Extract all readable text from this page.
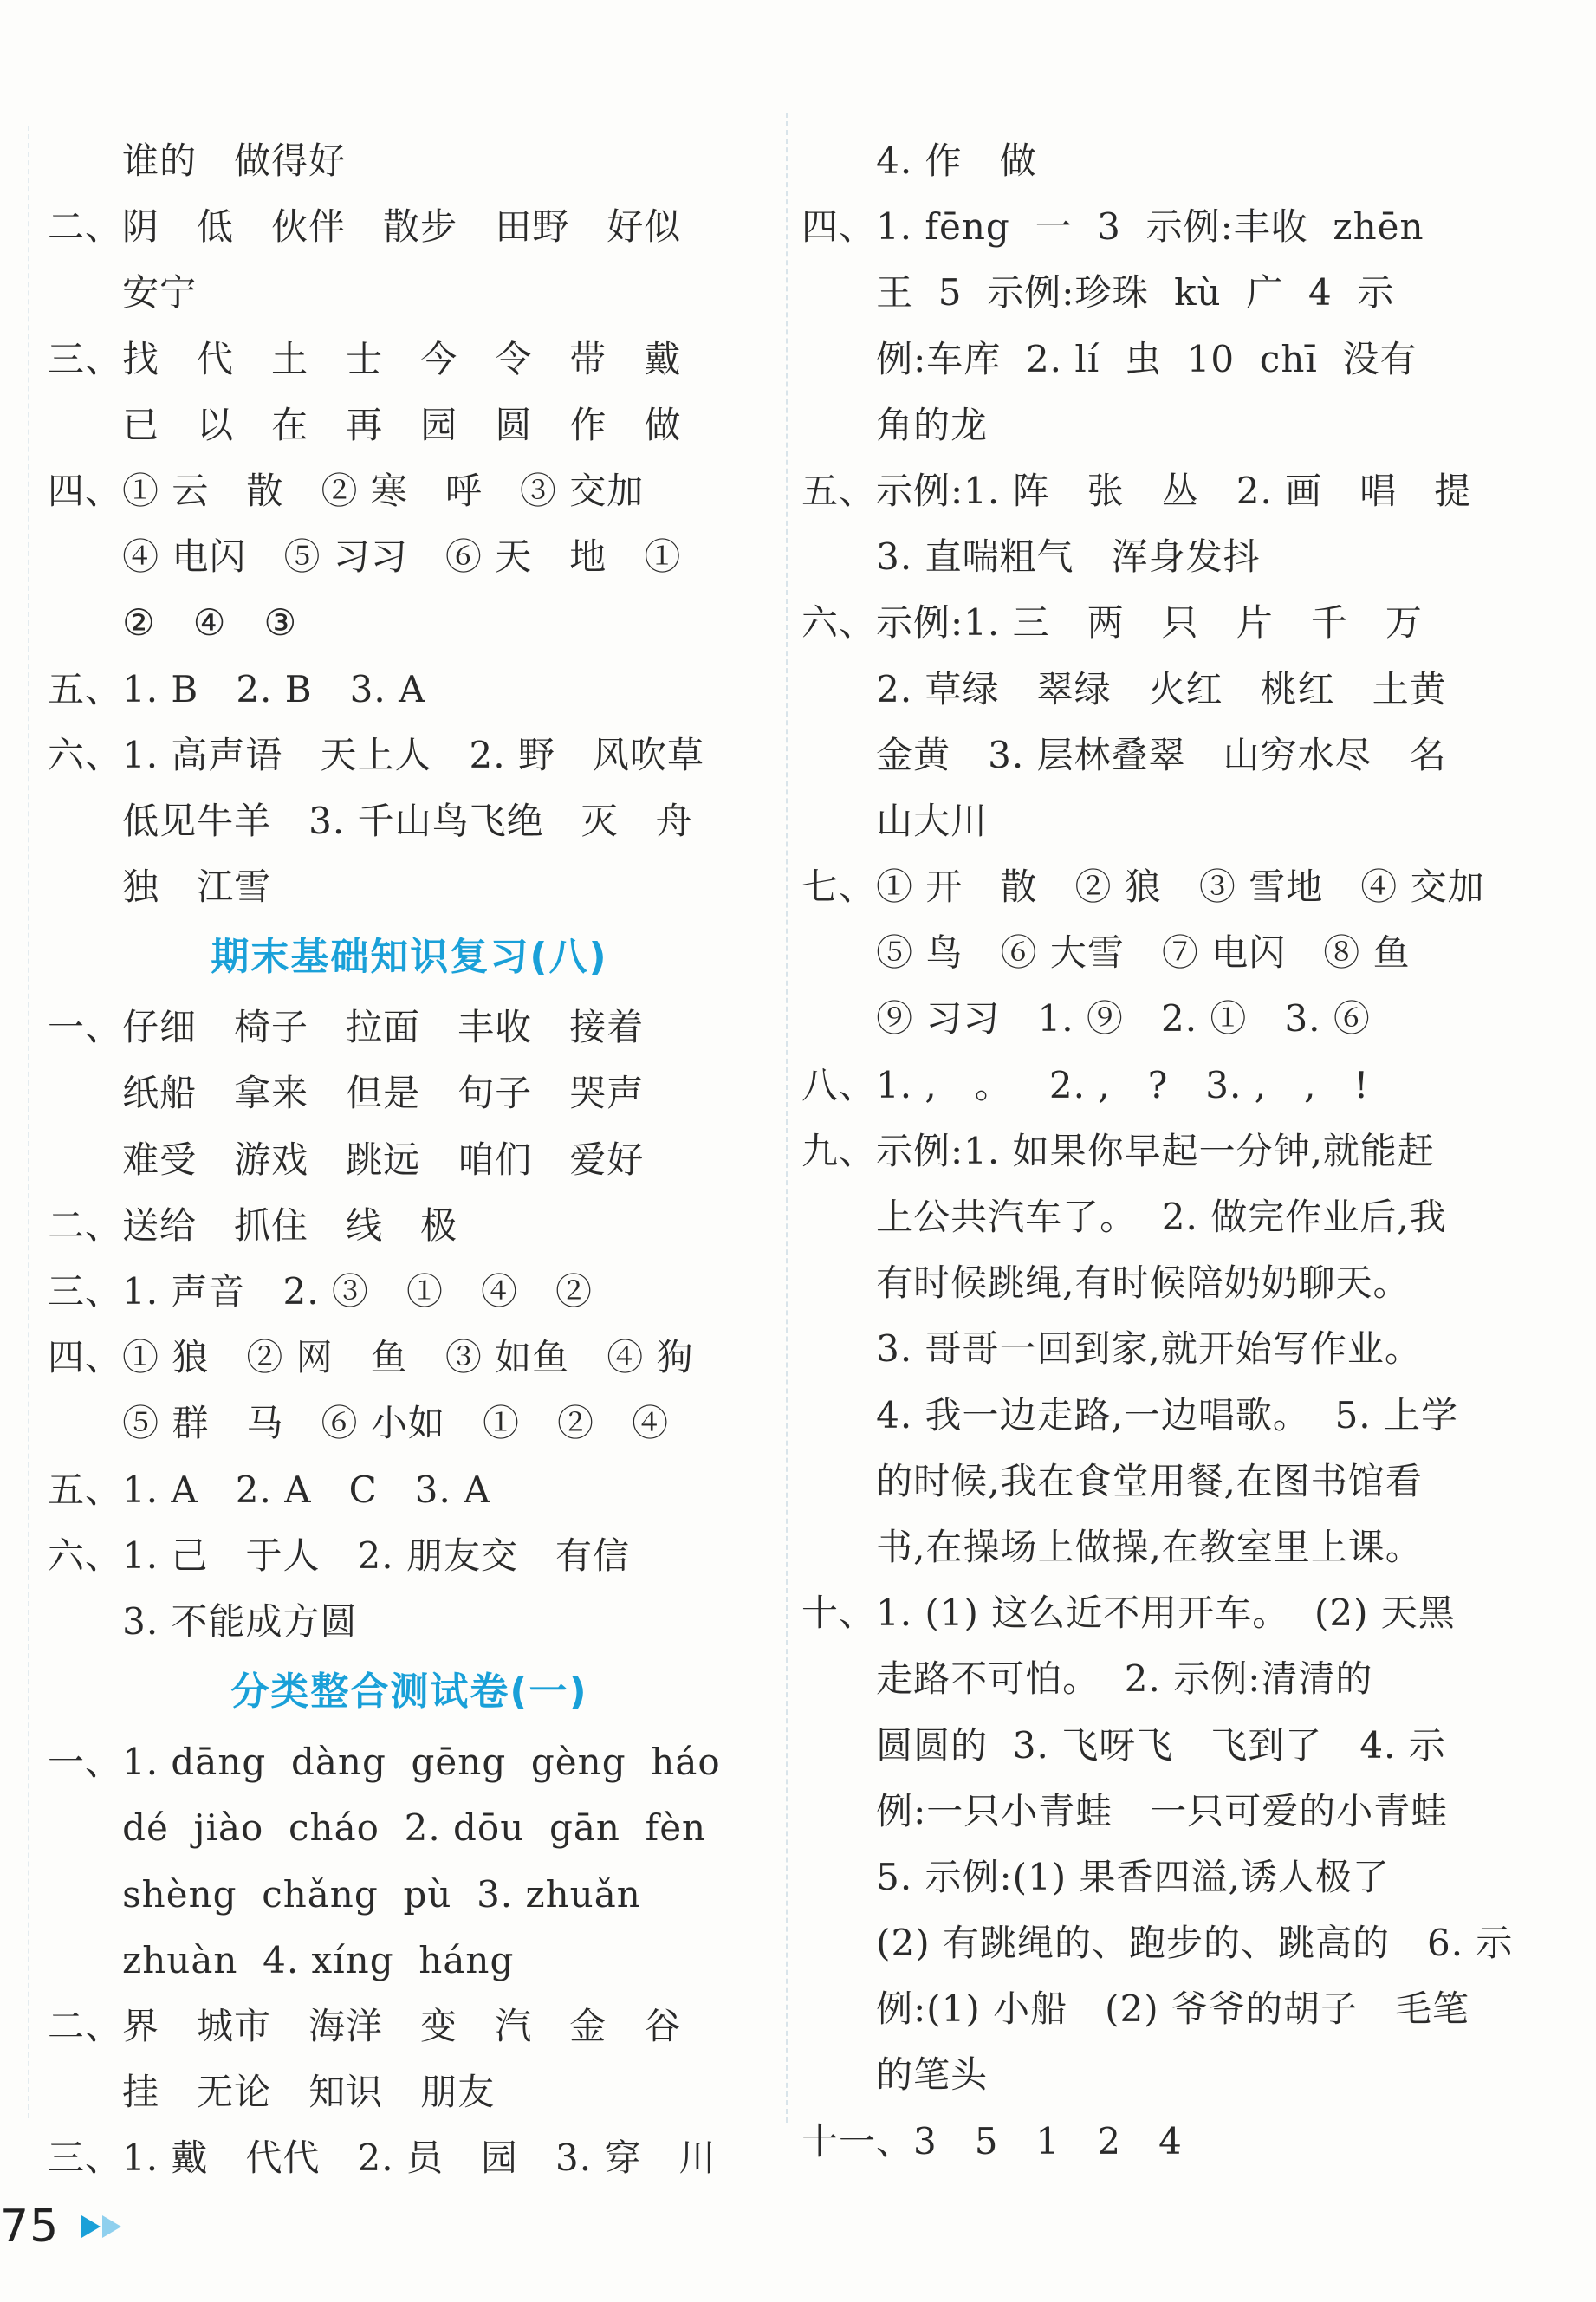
谁的   做得好
二、阴   低   伙伴   散步   田野   好似
安宁
三、找   代   土   士   今   令   带   戴
已   以   在   再   园   圆   作   做
四、① 云   散   ② 寒   呼   ③ 交加
④ 电闪   ⑤ 习习   ⑥ 天   地   ①
②   ④   ③
五、1. B   2. B   3. A
六、1. 高声语   天上人   2. 野   风吹草
低见牛羊   3. 千山鸟飞绝   灭   舟
独   江雪
期末基础知识复习(八)
一、仔细   椅子   拉面   丰收   接着
纸船   拿来   但是   句子   哭声
难受   游戏   跳远   咱们   爱好
二、送给   抓住   线   极
三、1. 声音   2. ③   ①   ④   ②
四、① 狼   ② 网   鱼   ③ 如鱼   ④ 狗
⑤ 群   马   ⑥ 小如   ①   ②   ④
五、1. A   2. A   C   3. A
六、1. 己   于人   2. 朋友交   有信
3. 不能成方圆
分类整合测试卷(一)
一、1. dāng  dàng  gēng  gèng  háo
dé  jiào  cháo  2. dōu  gān  fèn
shèng  chǎng  pù  3. zhuǎn
zhuàn  4. xíng  háng
二、界   城市   海洋   变   汽   金   谷
挂   无论   知识   朋友
三、1. 戴   代代   2. 员   园   3. 穿   川
4. 作   做
四、1. fēng  一  3  示例:丰收  zhēn
王  5  示例:珍珠  kù  广  4  示
例:车库  2. lí  虫  10  chī  没有
角的龙
五、示例:1. 阵   张   丛   2. 画   唱   提
3. 直喘粗气   浑身发抖
六、示例:1. 三   两   只   片   千   万
2. 草绿   翠绿   火红   桃红   土黄
金黄   3. 层林叠翠   山穷水尽   名
山大川
七、① 开   散   ② 狼   ③ 雪地   ④ 交加
⑤ 鸟   ⑥ 大雪   ⑦ 电闪   ⑧ 鱼
⑨ 习习   1. ⑨   2. ①   3. ⑥
八、1. ,   。   2. ,   ?   3. ,   ,   !
九、示例:1. 如果你早起一分钟,就能赶
上公共汽车了。  2. 做完作业后,我
有时候跳绳,有时候陪奶奶聊天。
3. 哥哥一回到家,就开始写作业。
4. 我一边走路,一边唱歌。  5. 上学
的时候,我在食堂用餐,在图书馆看
书,在操场上做操,在教室里上课。
十、1. (1) 这么近不用开车。  (2) 天黑
走路不可怕。  2. 示例:清清的
圆圆的  3. 飞呀飞   飞到了   4. 示
例:一只小青蛙   一只可爱的小青蛙
5. 示例:(1) 果香四溢,诱人极了
(2) 有跳绳的、跑步的、跳高的   6. 示
例:(1) 小船   (2) 爷爷的胡子   毛笔
的笔头
十一、3   5   1   2   4
75
